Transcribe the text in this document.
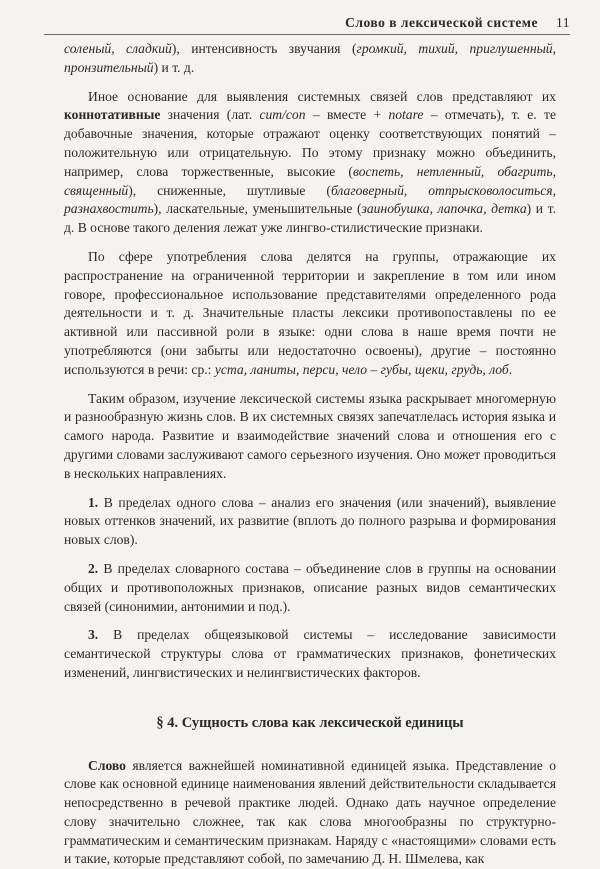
Слово в лексической системе 11

соленый, сладкий), интенсивность звучания (громкий, тихий, приглушенный, пронзительный) и т. д.

Иное основание для выявления системных связей слов представляют их коннотативные значения (лат. cum/con – вместе + notare – отмечать), т. е. те добавочные значения, которые отражают оценку соответствующих понятий – положительную или отрицательную. По этому признаку можно объединить, например, слова торжественные, высокие (воспеть, нетленный, обагрить, священный), сниженные, шутливые (благоверный, отпрысковолоситься, разнахвостить), ласкательные, уменьшительные (заинобушка, лапочка, детка) и т. д. В основе такого деления лежат уже лингво-стилистические признаки.

По сфере употребления слова делятся на группы, отражающие их распространение на ограниченной территории и закрепление в том или ином говоре, профессиональное использование представителями определенного рода деятельности и т. д. Значительные пласты лексики противопоставлены по ее активной или пассивной роли в языке: одни слова в наше время почти не употребляются (они забыты или недостаточно освоены), другие – постоянно используются в речи: ср.: уста, ланиты, перси, чело – губы, щеки, грудь, лоб.

Таким образом, изучение лексической системы языка раскрывает многомерную и разнообразную жизнь слов. В их системных связях запечатлелась история языка и самого народа. Развитие и взаимодействие значений слова и отношения его с другими словами заслуживают самого серьезного изучения. Оно может проводиться в нескольких направлениях.

1. В пределах одного слова – анализ его значения (или значений), выявление новых оттенков значений, их развитие (вплоть до полного разрыва и формирования новых слов).

2. В пределах словарного состава – объединение слов в группы на основании общих и противоположных признаков, описание разных видов семантических связей (синонимии, антонимии и под.).

3. В пределах общеязыковой системы – исследование зависимости семантической структуры слова от грамматических признаков, фонетических изменений, лингвистических и нелингвистических факторов.

§ 4. Сущность слова как лексической единицы

Слово является важнейшей номинативной единицей языка. Представление о слове как основной единице наименования явлений действительности складывается непосредственно в речевой практике людей. Однако дать научное определение слову значительно сложнее, так как слова многообразны по структурно-грамматическим и семантическим признакам. Наряду с «настоящими» словами есть и такие, которые представляют собой, по замечанию Д. Н. Шмелева, как
